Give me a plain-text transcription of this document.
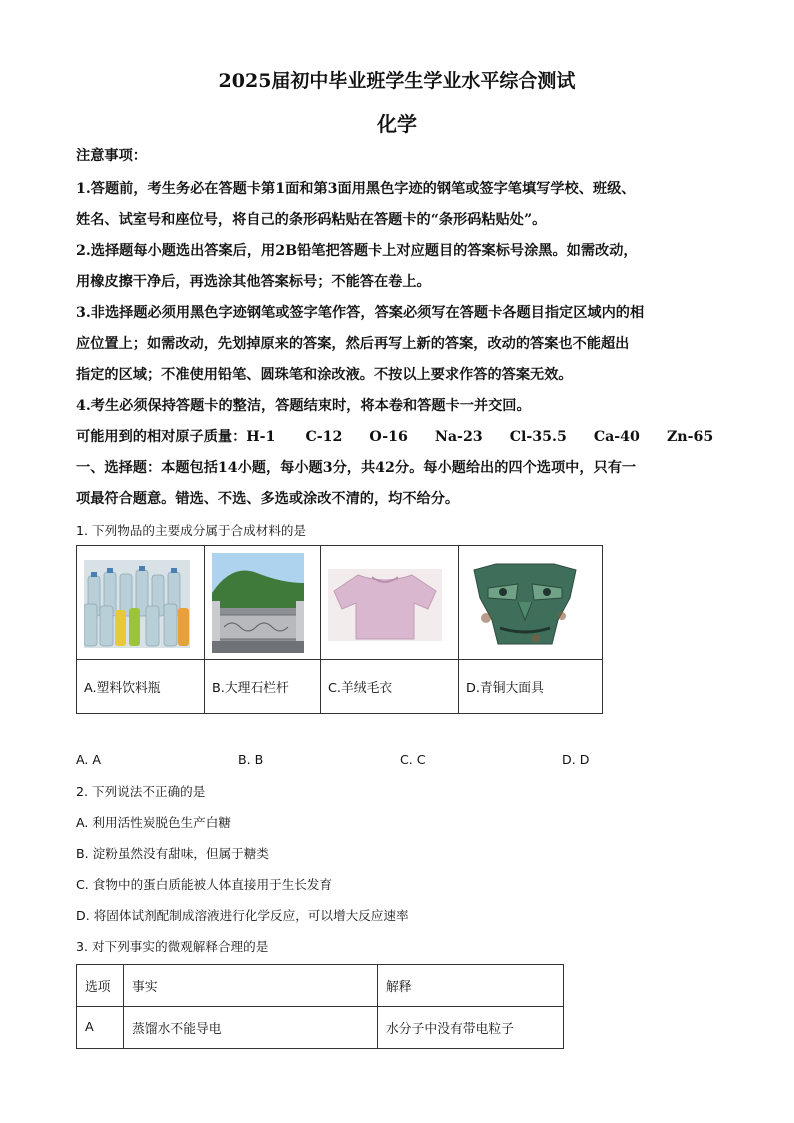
2025届初中毕业班学生学业水平综合测试
化学
注意事项：
1.答题前，考生务必在答题卡第1面和第3面用黑色字迹的钢笔或签字笔填写学校、班级、
姓名、试室号和座位号，将自己的条形码粘贴在答题卡的“条形码粘贴处”。
2.选择题每小题选出答案后，用2B铅笔把答题卡上对应题目的答案标号涂黑。如需改动，
用橡皮擦干净后，再选涂其他答案标号；不能答在卷上。
3.非选择题必须用黑色字迹钢笔或签字笔作答，答案必须写在答题卡各题目指定区域内的相
应位置上；如需改动，先划掉原来的答案，然后再写上新的答案，改动的答案也不能超出
指定的区域；不准使用铅笔、圆珠笔和涂改液。不按以上要求作答的答案无效。
4.考生必须保持答题卡的整洁，答题结束时，将本卷和答题卡一并交回。
可能用到的相对原子质量：H-1 C-12 O-16 Na-23 Cl-35.5 Ca-40 Zn-65
一、选择题：本题包括14小题，每小题3分，共42分。每小题给出的四个选项中，只有一
项最符合题意。错选、不选、多选或涂改不清的，均不给分。
1. 下列物品的主要成分属于合成材料的是

A.塑料饮料瓶	B.大理石栏杆	C.羊绒毛衣	D.青铜大面具
A. A	B. B	C. C	D. D
2. 下列说法不正确的是
A. 利用活性炭脱色生产白糖
B. 淀粉虽然没有甜味，但属于糖类
C. 食物中的蛋白质能被人体直接用于生长发育
D. 将固体试剂配制成溶液进行化学反应，可以增大反应速率
3. 对下列事实的微观解释合理的是
选项	事实	解释
A	蒸馏水不能导电	水分子中没有带电粒子
